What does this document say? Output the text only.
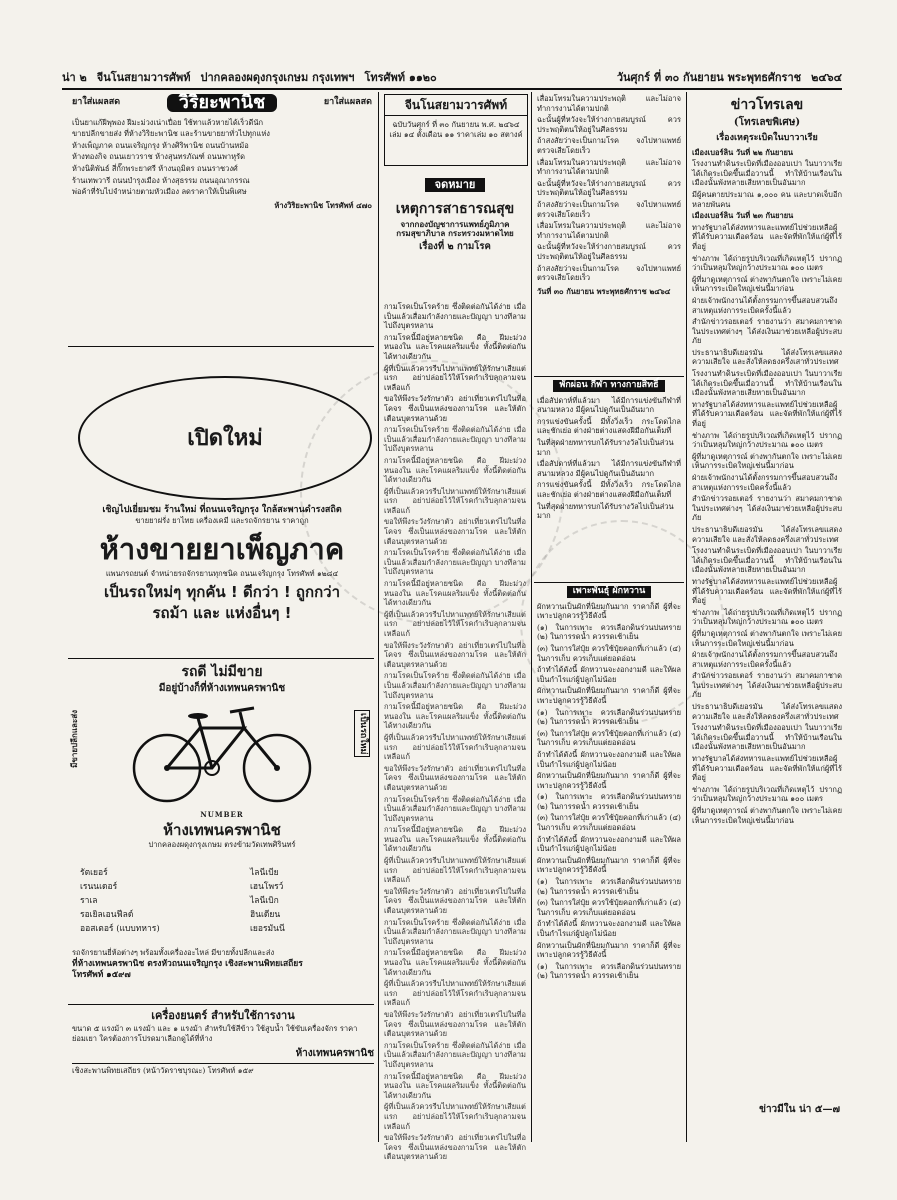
น่า ๒ จีนโนสยามวารศัพท์ ปากคลองผดุงกรุงเกษม กรุงเทพฯ โทรศัพท์ ๑๑๒๐	วันศุกร์ ที่ ๓๐ กันยายน พระพุทธศักราช ๒๔๖๔
ยาใส่แผลสด	วิริยะพานิช	ยาใส่แผลสด

เป็นยาแก้ฝีพุพอง ฝีมะม่วงเน่าเปื่อย ใช้ทาแล้วหายได้เร็วดีนัก

ขายปลีกขายส่ง ที่ห้างวิริยะพานิช และร้านขายยาทั่วไปทุกแห่ง

ห้างเพ็ญภาค ถนนเจริญกรุง ห้างศิริพานิช ถนนบ้านหม้อ

ห้างทองกิจ ถนนเยาวราช ห้างสุนทรภัณฑ์ ถนนพาหุรัด

ห้างนิติพันธ์ สี่กั๊กพระยาศรี ห้างนฤมิตร ถนนราชวงศ์

ร้านเทพวารี ถนนบำรุงเมือง ห้างสุธรรม ถนนอุณากรรณ

พ่อค้าที่รับไปจำหน่ายตามหัวเมือง ลดราคาให้เป็นพิเศษ

ห้างวิริยะพานิช โทรศัพท์ ๔๗๐
เปิดใหม่
เชิญไปเยี่ยมชม ร้านใหม่ ที่ถนนเจริญกรุง ใกล้สะพานดำรงสถิต
ขายยาฝรั่ง ยาไทย เครื่องเคมี และรถจักรยาน ราคาถูก
ห้างขายยาเพ็ญภาค
แพนกรถยนต์ จำหน่ายรถจักรยานทุกชนิด ถนนเจริญกรุง โทรศัพท์ ๑๒๘๔
เป็นรถใหม่ๆ ทุกคัน ! ดีกว่า ! ถูกกว่า
รถม้า และ แห่งอื่นๆ !
รถดี ไม่มีขาย
มีอยู่บ้างก็ที่ห้างเทพนครพานิช
มีขายปลีกและส่ง	เป็นรถใหม่
NUMBER
ห้างเทพนครพานิช
ปากคลองผดุงกรุงเกษม ตรงข้ามวัดเทพศิรินทร์
รัตเยอร์	ไลนีเบีย
เรนนเดอร์	เฮนโพรว์
ราเล	ไลนีเบิก
รอเยิลเอนฟีลด์	ฮินเดียน
ออสเตอร์ (แบบทหาร)	เยอรมันนี

รถจักรยานยี่ห้อต่างๆ พร้อมทั้งเครื่องอะไหล่ มีขายทั้งปลีกและส่ง

ที่ห้างเทพนครพานิช ตรงหัวถนนเจริญกรุง เชิงสะพานพิทยเสถียร

โทรศัพท์ ๑๕๙๗

เครื่องยนตร์ สำหรับใช้การงาน

ขนาด ๕ แรงม้า ๓ แรงม้า และ ๑ แรงม้า สำหรับใช้สีข้าว ใช้สูบน้ำ ใช้ขับเครื่องจักร ราคาย่อมเยา ใครต้องการโปรดมาเลือกดูได้ที่ห้าง

ห้างเทพนครพานิช
เชิงสะพานพิทยเสถียร (หน้าวัดราชบุรณะ) โทรศัพท์ ๑๕๙
จีนโนสยามวารศัพท์
ฉบับวันศุกร์ ที่ ๓๐ กันยายน พ.ศ. ๒๔๖๔
เล่ม ๑๔ ตั้งเดือน ๑๑ ราคาเล่ม ๑๐ สตางค์
จดหมาย
เหตุการสาธารณสุข
จากกองบัญชาการแพทย์ภูมิภาค
กรมสุขาภิบาล กระทรวงมหาดไทย
เรื่องที่ ๒ กามโรค

กามโรคเป็นโรคร้าย ซึ่งติดต่อกันได้ง่าย เมื่อเป็นแล้วเสื่อมกำลังกายและปัญญา บางทีลามไปถึงบุตรหลาน

กามโรคนี้มีอยู่หลายชนิด คือ ฝีมะม่วง หนองใน และโรคแผลริมแข็ง ทั้งนี้ติดต่อกันได้ทางเดียวกัน

ผู้ที่เป็นแล้วควรรีบไปหาแพทย์ให้รักษาเสียแต่แรก อย่าปล่อยไว้ให้โรคกำเริบลุกลามจนเหลือแก้

ขอให้พึงระวังรักษาตัว อย่าเที่ยวเตร่ไปในที่อโคจร ซึ่งเป็นแหล่งของกามโรค และให้ตักเตือนบุตรหลานด้วย

กามโรคเป็นโรคร้าย ซึ่งติดต่อกันได้ง่าย เมื่อเป็นแล้วเสื่อมกำลังกายและปัญญา บางทีลามไปถึงบุตรหลาน

กามโรคนี้มีอยู่หลายชนิด คือ ฝีมะม่วง หนองใน และโรคแผลริมแข็ง ทั้งนี้ติดต่อกันได้ทางเดียวกัน

ผู้ที่เป็นแล้วควรรีบไปหาแพทย์ให้รักษาเสียแต่แรก อย่าปล่อยไว้ให้โรคกำเริบลุกลามจนเหลือแก้

ขอให้พึงระวังรักษาตัว อย่าเที่ยวเตร่ไปในที่อโคจร ซึ่งเป็นแหล่งของกามโรค และให้ตักเตือนบุตรหลานด้วย

กามโรคเป็นโรคร้าย ซึ่งติดต่อกันได้ง่าย เมื่อเป็นแล้วเสื่อมกำลังกายและปัญญา บางทีลามไปถึงบุตรหลาน

กามโรคนี้มีอยู่หลายชนิด คือ ฝีมะม่วง หนองใน และโรคแผลริมแข็ง ทั้งนี้ติดต่อกันได้ทางเดียวกัน

ผู้ที่เป็นแล้วควรรีบไปหาแพทย์ให้รักษาเสียแต่แรก อย่าปล่อยไว้ให้โรคกำเริบลุกลามจนเหลือแก้

ขอให้พึงระวังรักษาตัว อย่าเที่ยวเตร่ไปในที่อโคจร ซึ่งเป็นแหล่งของกามโรค และให้ตักเตือนบุตรหลานด้วย

กามโรคเป็นโรคร้าย ซึ่งติดต่อกันได้ง่าย เมื่อเป็นแล้วเสื่อมกำลังกายและปัญญา บางทีลามไปถึงบุตรหลาน

กามโรคนี้มีอยู่หลายชนิด คือ ฝีมะม่วง หนองใน และโรคแผลริมแข็ง ทั้งนี้ติดต่อกันได้ทางเดียวกัน

ผู้ที่เป็นแล้วควรรีบไปหาแพทย์ให้รักษาเสียแต่แรก อย่าปล่อยไว้ให้โรคกำเริบลุกลามจนเหลือแก้

ขอให้พึงระวังรักษาตัว อย่าเที่ยวเตร่ไปในที่อโคจร ซึ่งเป็นแหล่งของกามโรค และให้ตักเตือนบุตรหลานด้วย

กามโรคเป็นโรคร้าย ซึ่งติดต่อกันได้ง่าย เมื่อเป็นแล้วเสื่อมกำลังกายและปัญญา บางทีลามไปถึงบุตรหลาน

กามโรคนี้มีอยู่หลายชนิด คือ ฝีมะม่วง หนองใน และโรคแผลริมแข็ง ทั้งนี้ติดต่อกันได้ทางเดียวกัน

ผู้ที่เป็นแล้วควรรีบไปหาแพทย์ให้รักษาเสียแต่แรก อย่าปล่อยไว้ให้โรคกำเริบลุกลามจนเหลือแก้

ขอให้พึงระวังรักษาตัว อย่าเที่ยวเตร่ไปในที่อโคจร ซึ่งเป็นแหล่งของกามโรค และให้ตักเตือนบุตรหลานด้วย

กามโรคเป็นโรคร้าย ซึ่งติดต่อกันได้ง่าย เมื่อเป็นแล้วเสื่อมกำลังกายและปัญญา บางทีลามไปถึงบุตรหลาน

กามโรคนี้มีอยู่หลายชนิด คือ ฝีมะม่วง หนองใน และโรคแผลริมแข็ง ทั้งนี้ติดต่อกันได้ทางเดียวกัน

ผู้ที่เป็นแล้วควรรีบไปหาแพทย์ให้รักษาเสียแต่แรก อย่าปล่อยไว้ให้โรคกำเริบลุกลามจนเหลือแก้

ขอให้พึงระวังรักษาตัว อย่าเที่ยวเตร่ไปในที่อโคจร ซึ่งเป็นแหล่งของกามโรค และให้ตักเตือนบุตรหลานด้วย

กามโรคเป็นโรคร้าย ซึ่งติดต่อกันได้ง่าย เมื่อเป็นแล้วเสื่อมกำลังกายและปัญญา บางทีลามไปถึงบุตรหลาน

กามโรคนี้มีอยู่หลายชนิด คือ ฝีมะม่วง หนองใน และโรคแผลริมแข็ง ทั้งนี้ติดต่อกันได้ทางเดียวกัน

ผู้ที่เป็นแล้วควรรีบไปหาแพทย์ให้รักษาเสียแต่แรก อย่าปล่อยไว้ให้โรคกำเริบลุกลามจนเหลือแก้

ขอให้พึงระวังรักษาตัว อย่าเที่ยวเตร่ไปในที่อโคจร ซึ่งเป็นแหล่งของกามโรค และให้ตักเตือนบุตรหลานด้วย

เสื่อมโทรมในความประพฤติ และไม่อาจทำการงานได้ตามปกติ

ฉะนั้นผู้ที่หวังจะให้ร่างกายสมบูรณ์ ควรประพฤติตนให้อยู่ในศีลธรรม

ถ้าสงสัยว่าจะเป็นกามโรค จงไปหาแพทย์ตรวจเสียโดยเร็ว

เสื่อมโทรมในความประพฤติ และไม่อาจทำการงานได้ตามปกติ

ฉะนั้นผู้ที่หวังจะให้ร่างกายสมบูรณ์ ควรประพฤติตนให้อยู่ในศีลธรรม

ถ้าสงสัยว่าจะเป็นกามโรค จงไปหาแพทย์ตรวจเสียโดยเร็ว

เสื่อมโทรมในความประพฤติ และไม่อาจทำการงานได้ตามปกติ

ฉะนั้นผู้ที่หวังจะให้ร่างกายสมบูรณ์ ควรประพฤติตนให้อยู่ในศีลธรรม

ถ้าสงสัยว่าจะเป็นกามโรค จงไปหาแพทย์ตรวจเสียโดยเร็ว

วันที่ ๓๐ กันยายน พระพุทธศักราช ๒๔๖๔

พักผ่อน กีฬา ทางกายสิทธิ์

เมื่อสัปดาห์ที่แล้วมา ได้มีการแข่งขันกีฬาที่สนามหลวง มีผู้คนไปดูกันเป็นอันมาก

การแข่งขันครั้งนี้ มีทั้งวิ่งเร็ว กระโดดไกล และชักเย่อ ต่างฝ่ายต่างแสดงฝีมือกันเต็มที่

ในที่สุดฝ่ายทหารบกได้รับรางวัลไปเป็นส่วนมาก

เมื่อสัปดาห์ที่แล้วมา ได้มีการแข่งขันกีฬาที่สนามหลวง มีผู้คนไปดูกันเป็นอันมาก

การแข่งขันครั้งนี้ มีทั้งวิ่งเร็ว กระโดดไกล และชักเย่อ ต่างฝ่ายต่างแสดงฝีมือกันเต็มที่

ในที่สุดฝ่ายทหารบกได้รับรางวัลไปเป็นส่วนมาก

เพาะพันธุ์ ผักหวาน

ผักหวานเป็นผักที่นิยมกันมาก ราคาก็ดี ผู้ที่จะเพาะปลูกควรรู้วิธีดังนี้

(๑) ในการเพาะ ควรเลือกดินร่วนปนทราย (๒) ในการรดน้ำ ควรรดเช้าเย็น

(๓) ในการใส่ปุ๋ย ควรใช้ปุ๋ยคอกที่เก่าแล้ว (๔) ในการเก็บ ควรเก็บแต่ยอดอ่อน

ถ้าทำได้ดังนี้ ผักหวานจะงอกงามดี และให้ผลเป็นกำไรแก่ผู้ปลูกไม่น้อย

ผักหวานเป็นผักที่นิยมกันมาก ราคาก็ดี ผู้ที่จะเพาะปลูกควรรู้วิธีดังนี้

(๑) ในการเพาะ ควรเลือกดินร่วนปนทราย (๒) ในการรดน้ำ ควรรดเช้าเย็น

(๓) ในการใส่ปุ๋ย ควรใช้ปุ๋ยคอกที่เก่าแล้ว (๔) ในการเก็บ ควรเก็บแต่ยอดอ่อน

ถ้าทำได้ดังนี้ ผักหวานจะงอกงามดี และให้ผลเป็นกำไรแก่ผู้ปลูกไม่น้อย

ผักหวานเป็นผักที่นิยมกันมาก ราคาก็ดี ผู้ที่จะเพาะปลูกควรรู้วิธีดังนี้

(๑) ในการเพาะ ควรเลือกดินร่วนปนทราย (๒) ในการรดน้ำ ควรรดเช้าเย็น

(๓) ในการใส่ปุ๋ย ควรใช้ปุ๋ยคอกที่เก่าแล้ว (๔) ในการเก็บ ควรเก็บแต่ยอดอ่อน

ถ้าทำได้ดังนี้ ผักหวานจะงอกงามดี และให้ผลเป็นกำไรแก่ผู้ปลูกไม่น้อย

ผักหวานเป็นผักที่นิยมกันมาก ราคาก็ดี ผู้ที่จะเพาะปลูกควรรู้วิธีดังนี้

(๑) ในการเพาะ ควรเลือกดินร่วนปนทราย (๒) ในการรดน้ำ ควรรดเช้าเย็น

(๓) ในการใส่ปุ๋ย ควรใช้ปุ๋ยคอกที่เก่าแล้ว (๔) ในการเก็บ ควรเก็บแต่ยอดอ่อน

ถ้าทำได้ดังนี้ ผักหวานจะงอกงามดี และให้ผลเป็นกำไรแก่ผู้ปลูกไม่น้อย

ผักหวานเป็นผักที่นิยมกันมาก ราคาก็ดี ผู้ที่จะเพาะปลูกควรรู้วิธีดังนี้

(๑) ในการเพาะ ควรเลือกดินร่วนปนทราย (๒) ในการรดน้ำ ควรรดเช้าเย็น

ข่าวโทรเลข
(โทรเลขพิเศษ)
เรื่องเหตุระเบิดในบาวาเรีย

เมืองเบอร์ลิน วันที่ ๒๒ กันยายน

โรงงานทำดินระเบิดที่เมืองออบเปา ในบาวาเรีย ได้เกิดระเบิดขึ้นเมื่อวานนี้ ทำให้บ้านเรือนในเมืองนั้นพังทลายเสียหายเป็นอันมาก

มีผู้คนตายประมาณ ๑,๐๐๐ คน และบาดเจ็บอีกหลายพันคน

เมืองเบอร์ลิน วันที่ ๒๓ กันยายน

ทางรัฐบาลได้ส่งทหารและแพทย์ไปช่วยเหลือผู้ที่ได้รับความเดือดร้อน และจัดที่พักให้แก่ผู้ที่ไร้ที่อยู่

ช่างภาพ ได้ถ่ายรูปบริเวณที่เกิดเหตุไว้ ปรากฏว่าเป็นหลุมใหญ่กว้างประมาณ ๑๐๐ เมตร

ผู้ที่มาดูเหตุการณ์ ต่างพากันตกใจ เพราะไม่เคยเห็นการระเบิดใหญ่เช่นนี้มาก่อน

ฝ่ายเจ้าพนักงานได้ตั้งกรรมการขึ้นสอบสวนถึงสาเหตุแห่งการระเบิดครั้งนี้แล้ว

สำนักข่าวรอยเตอร์ รายงานว่า สมาคมกาชาดในประเทศต่างๆ ได้ส่งเงินมาช่วยเหลือผู้ประสบภัย

ประธานาธิบดีเยอรมัน ได้ส่งโทรเลขแสดงความเสียใจ และสั่งให้ลดธงครึ่งเสาทั่วประเทศ

โรงงานทำดินระเบิดที่เมืองออบเปา ในบาวาเรีย ได้เกิดระเบิดขึ้นเมื่อวานนี้ ทำให้บ้านเรือนในเมืองนั้นพังทลายเสียหายเป็นอันมาก

ทางรัฐบาลได้ส่งทหารและแพทย์ไปช่วยเหลือผู้ที่ได้รับความเดือดร้อน และจัดที่พักให้แก่ผู้ที่ไร้ที่อยู่

ช่างภาพ ได้ถ่ายรูปบริเวณที่เกิดเหตุไว้ ปรากฏว่าเป็นหลุมใหญ่กว้างประมาณ ๑๐๐ เมตร

ผู้ที่มาดูเหตุการณ์ ต่างพากันตกใจ เพราะไม่เคยเห็นการระเบิดใหญ่เช่นนี้มาก่อน

ฝ่ายเจ้าพนักงานได้ตั้งกรรมการขึ้นสอบสวนถึงสาเหตุแห่งการระเบิดครั้งนี้แล้ว

สำนักข่าวรอยเตอร์ รายงานว่า สมาคมกาชาดในประเทศต่างๆ ได้ส่งเงินมาช่วยเหลือผู้ประสบภัย

ประธานาธิบดีเยอรมัน ได้ส่งโทรเลขแสดงความเสียใจ และสั่งให้ลดธงครึ่งเสาทั่วประเทศ

โรงงานทำดินระเบิดที่เมืองออบเปา ในบาวาเรีย ได้เกิดระเบิดขึ้นเมื่อวานนี้ ทำให้บ้านเรือนในเมืองนั้นพังทลายเสียหายเป็นอันมาก

ทางรัฐบาลได้ส่งทหารและแพทย์ไปช่วยเหลือผู้ที่ได้รับความเดือดร้อน และจัดที่พักให้แก่ผู้ที่ไร้ที่อยู่

ช่างภาพ ได้ถ่ายรูปบริเวณที่เกิดเหตุไว้ ปรากฏว่าเป็นหลุมใหญ่กว้างประมาณ ๑๐๐ เมตร

ผู้ที่มาดูเหตุการณ์ ต่างพากันตกใจ เพราะไม่เคยเห็นการระเบิดใหญ่เช่นนี้มาก่อน

ฝ่ายเจ้าพนักงานได้ตั้งกรรมการขึ้นสอบสวนถึงสาเหตุแห่งการระเบิดครั้งนี้แล้ว

สำนักข่าวรอยเตอร์ รายงานว่า สมาคมกาชาดในประเทศต่างๆ ได้ส่งเงินมาช่วยเหลือผู้ประสบภัย

ประธานาธิบดีเยอรมัน ได้ส่งโทรเลขแสดงความเสียใจ และสั่งให้ลดธงครึ่งเสาทั่วประเทศ

โรงงานทำดินระเบิดที่เมืองออบเปา ในบาวาเรีย ได้เกิดระเบิดขึ้นเมื่อวานนี้ ทำให้บ้านเรือนในเมืองนั้นพังทลายเสียหายเป็นอันมาก

ทางรัฐบาลได้ส่งทหารและแพทย์ไปช่วยเหลือผู้ที่ได้รับความเดือดร้อน และจัดที่พักให้แก่ผู้ที่ไร้ที่อยู่

ช่างภาพ ได้ถ่ายรูปบริเวณที่เกิดเหตุไว้ ปรากฏว่าเป็นหลุมใหญ่กว้างประมาณ ๑๐๐ เมตร

ผู้ที่มาดูเหตุการณ์ ต่างพากันตกใจ เพราะไม่เคยเห็นการระเบิดใหญ่เช่นนี้มาก่อน

ข่าวมีใน น่า ๕—๗
